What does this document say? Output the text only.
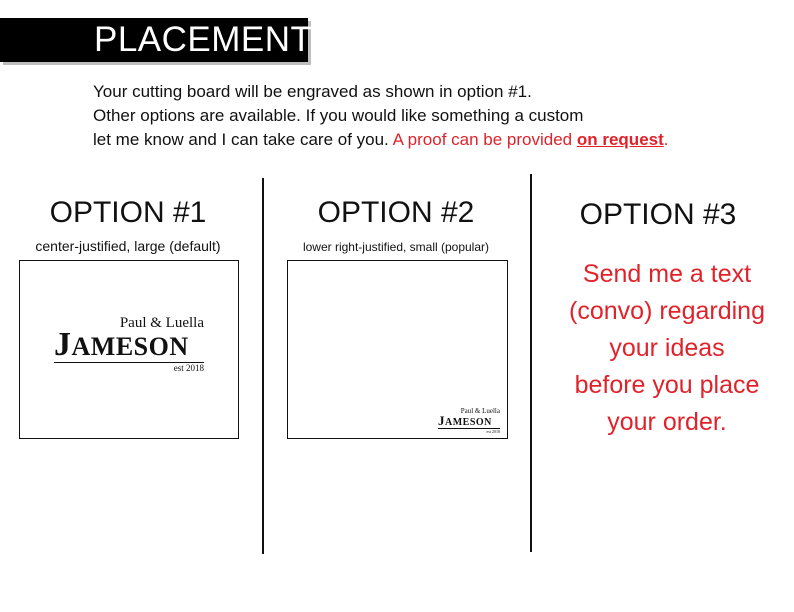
PLACEMENT
Your cutting board will be engraved as shown in option #1.
Other options are available. If you would like something a custom
let me know and I can take care of you. A proof can be provided on request.
OPTION #1
center-justified, large (default)
Paul & Luella
JAMESON
est 2018
OPTION #2
lower right-justified, small (popular)
Paul & Luella
JAMESON
est 2018
OPTION #3
Send me a text
(convo) regarding
your ideas
before you place
your order.
